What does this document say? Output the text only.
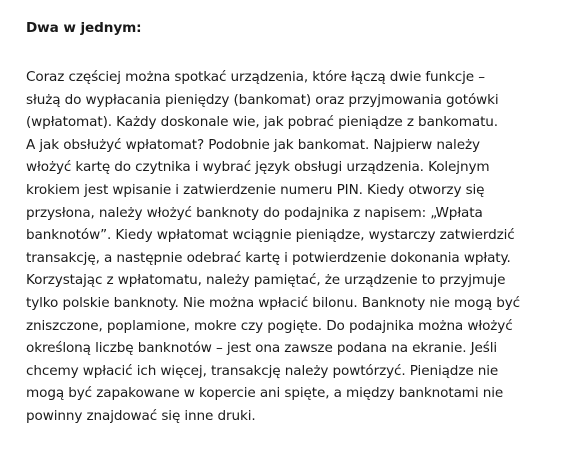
Dwa w jednym:

Coraz częściej można spotkać urządzenia, które łączą dwie funkcje –
służą do wypłacania pieniędzy (bankomat) oraz przyjmowania gotówki
(wpłatomat). Każdy doskonale wie, jak pobrać pieniądze z bankomatu.
A jak obsłużyć wpłatomat? Podobnie jak bankomat. Najpierw należy
włożyć kartę do czytnika i wybrać język obsługi urządzenia. Kolejnym
krokiem jest wpisanie i zatwierdzenie numeru PIN. Kiedy otworzy się
przysłona, należy włożyć banknoty do podajnika z napisem: „Wpłata
banknotów”. Kiedy wpłatomat wciągnie pieniądze, wystarczy zatwierdzić
transakcję, a następnie odebrać kartę i potwierdzenie dokonania wpłaty.
Korzystając z wpłatomatu, należy pamiętać, że urządzenie to przyjmuje
tylko polskie banknoty. Nie można wpłacić bilonu. Banknoty nie mogą być
zniszczone, poplamione, mokre czy pogięte. Do podajnika można włożyć
określoną liczbę banknotów – jest ona zawsze podana na ekranie. Jeśli
chcemy wpłacić ich więcej, transakcję należy powtórzyć. Pieniądze nie
mogą być zapakowane w kopercie ani spięte, a między banknotami nie
powinny znajdować się inne druki.
